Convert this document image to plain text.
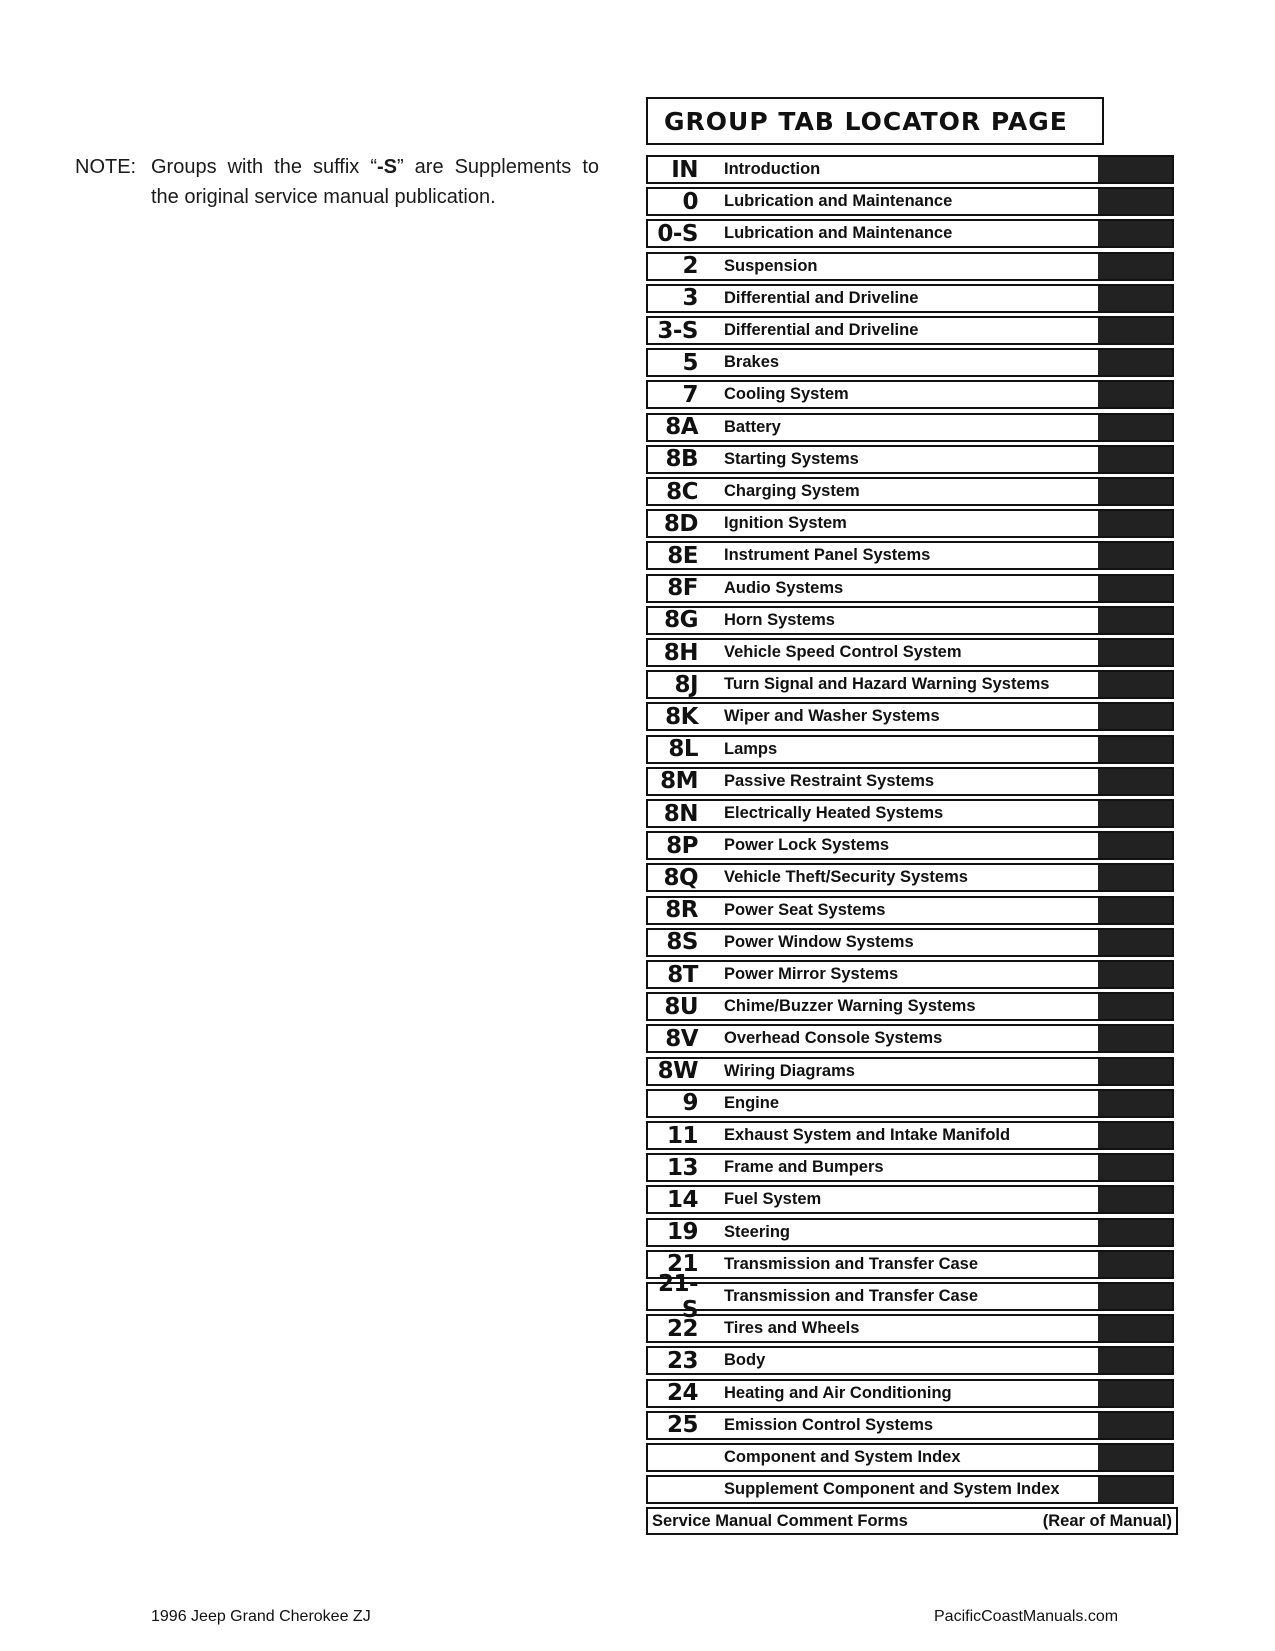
NOTE: Groups with the suffix “-S” are Supplements to
the original service manual publication.
GROUP TAB LOCATOR PAGE
IN Introduction
0 Lubrication and Maintenance
0-S Lubrication and Maintenance
2 Suspension
3 Differential and Driveline
3-S Differential and Driveline
5 Brakes
7 Cooling System
8A Battery
8B Starting Systems
8C Charging System
8D Ignition System
8E Instrument Panel Systems
8F Audio Systems
8G Horn Systems
8H Vehicle Speed Control System
8J Turn Signal and Hazard Warning Systems
8K Wiper and Washer Systems
8L Lamps
8M Passive Restraint Systems
8N Electrically Heated Systems
8P Power Lock Systems
8Q Vehicle Theft/Security Systems
8R Power Seat Systems
8S Power Window Systems
8T Power Mirror Systems
8U Chime/Buzzer Warning Systems
8V Overhead Console Systems
8W Wiring Diagrams
9 Engine
11 Exhaust System and Intake Manifold
13 Frame and Bumpers
14 Fuel System
19 Steering
21 Transmission and Transfer Case
21-S
Transmission and Transfer Case
22 Tires and Wheels
23 Body
24 Heating and Air Conditioning
25 Emission Control Systems
Component and System Index
Supplement Component and System Index
Service Manual Comment Forms	(Rear of Manual)
1996 Jeep Grand Cherokee ZJ	PacificCoastManuals.com
